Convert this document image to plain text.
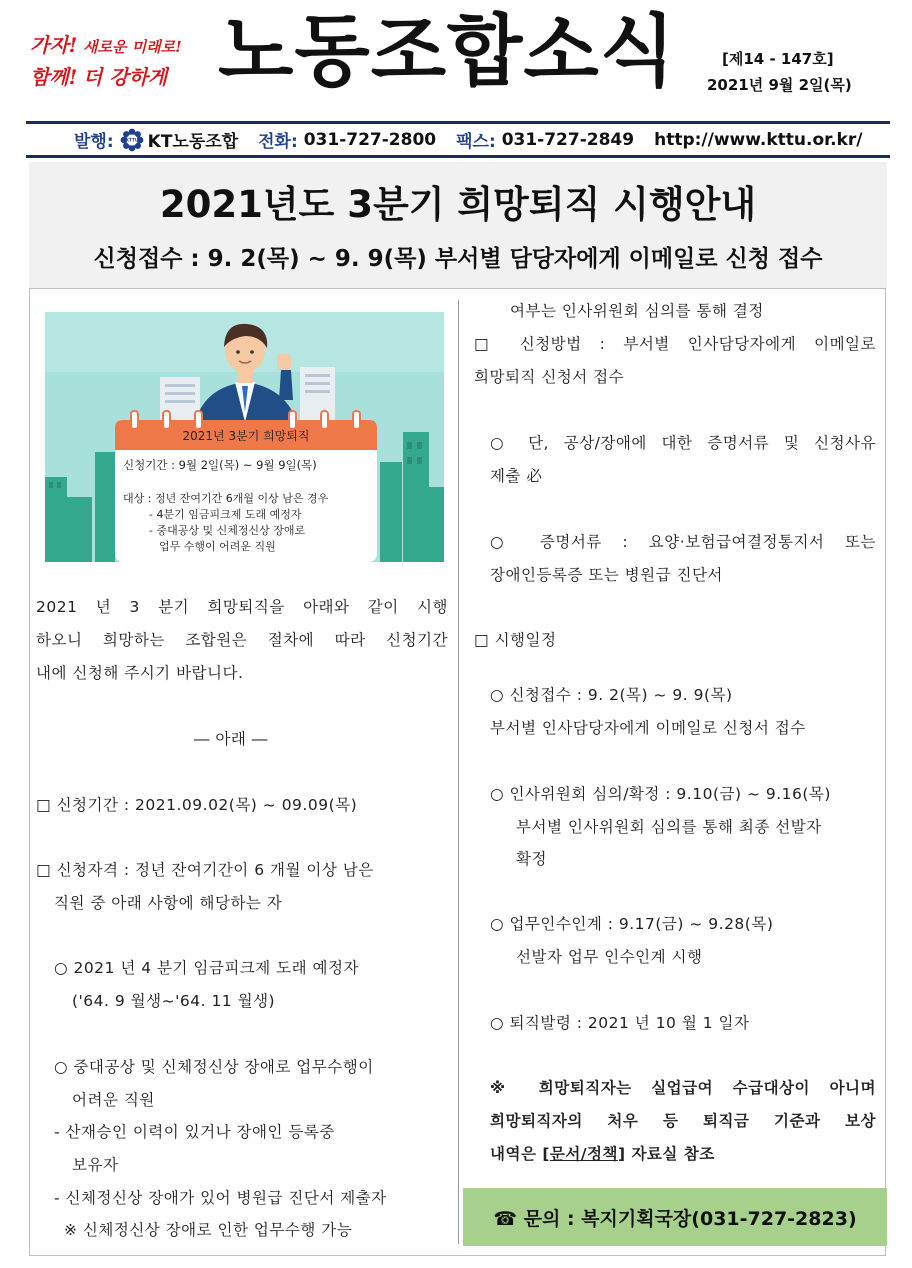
가자! 새로운 미래로!
함께! 더 강하게 노동조합소식	[제14 - 147호]
2021년 9월 2일(목)
발행:	KTTU KT노동조합 전화:
031-727-2800 팩스:
031-727-2849 http://www.kttu.or.kr/
2021년도 3분기 희망퇴직 시행안내
신청접수 : 9. 2(목) ~ 9. 9(목) 부서별 담당자에게 이메일로 신청 접수
2021년 3분기 희망퇴직
신청기간 : 9월 2일(목) ~ 9월 9일(목)
대상 : 정년 잔여기간 6개월 이상 남은 경우
- 4분기 임금피크제 도래 예정자
- 중대공상 및 신체정신상 장애로
업무 수행이 어려운 직원
2021 년 3 분기 희망퇴직을 아래와 같이 시행
하오니 희망하는 조합원은 절차에 따라 신청기간
내에 신청해 주시기 바랍니다.
― 아래 ―
□ 신청기간 : 2021.09.02(목) ~ 09.09(목)
□ 신청자격 : 정년 잔여기간이 6 개월 이상 남은
직원 중 아래 사항에 해당하는 자
○ 2021 년 4 분기 임금피크제 도래 예정자
('64. 9 월생~'64. 11 월생)
○ 중대공상 및 신체정신상 장애로 업무수행이
어려운 직원
- 산재승인 이력이 있거나 장애인 등록중
보유자
- 신체정신상 장애가 있어 병원급 진단서 제출자
※ 신체정신상 장애로 인한 업무수행 가능
여부는 인사위원회 심의를 통해 결정
□ 신청방법 : 부서별 인사담당자에게 이메일로
희망퇴직 신청서 접수
○ 단, 공상/장애에 대한 증명서류 및 신청사유
제출 必
○ 증명서류 : 요양·보험급여결정통지서 또는
장애인등록증 또는 병원급 진단서
□ 시행일정
○ 신청접수 : 9. 2(목) ~ 9. 9(목)
부서별 인사담당자에게 이메일로 신청서 접수
○ 인사위원회 심의/확정 : 9.10(금) ~ 9.16(목)
부서별 인사위원회 심의를 통해 최종 선발자
확정
○ 업무인수인계 : 9.17(금) ~ 9.28(목)
선발자 업무 인수인계 시행
○ 퇴직발령 : 2021 년 10 월 1 일자
※ 희망퇴직자는 실업급여 수급대상이 아니며
희망퇴직자의 처우 등 퇴직금 기준과 보상
내역은 [문서/정책] 자료실 참조
☎ 문의 : 복지기획국장(031-727-2823)
